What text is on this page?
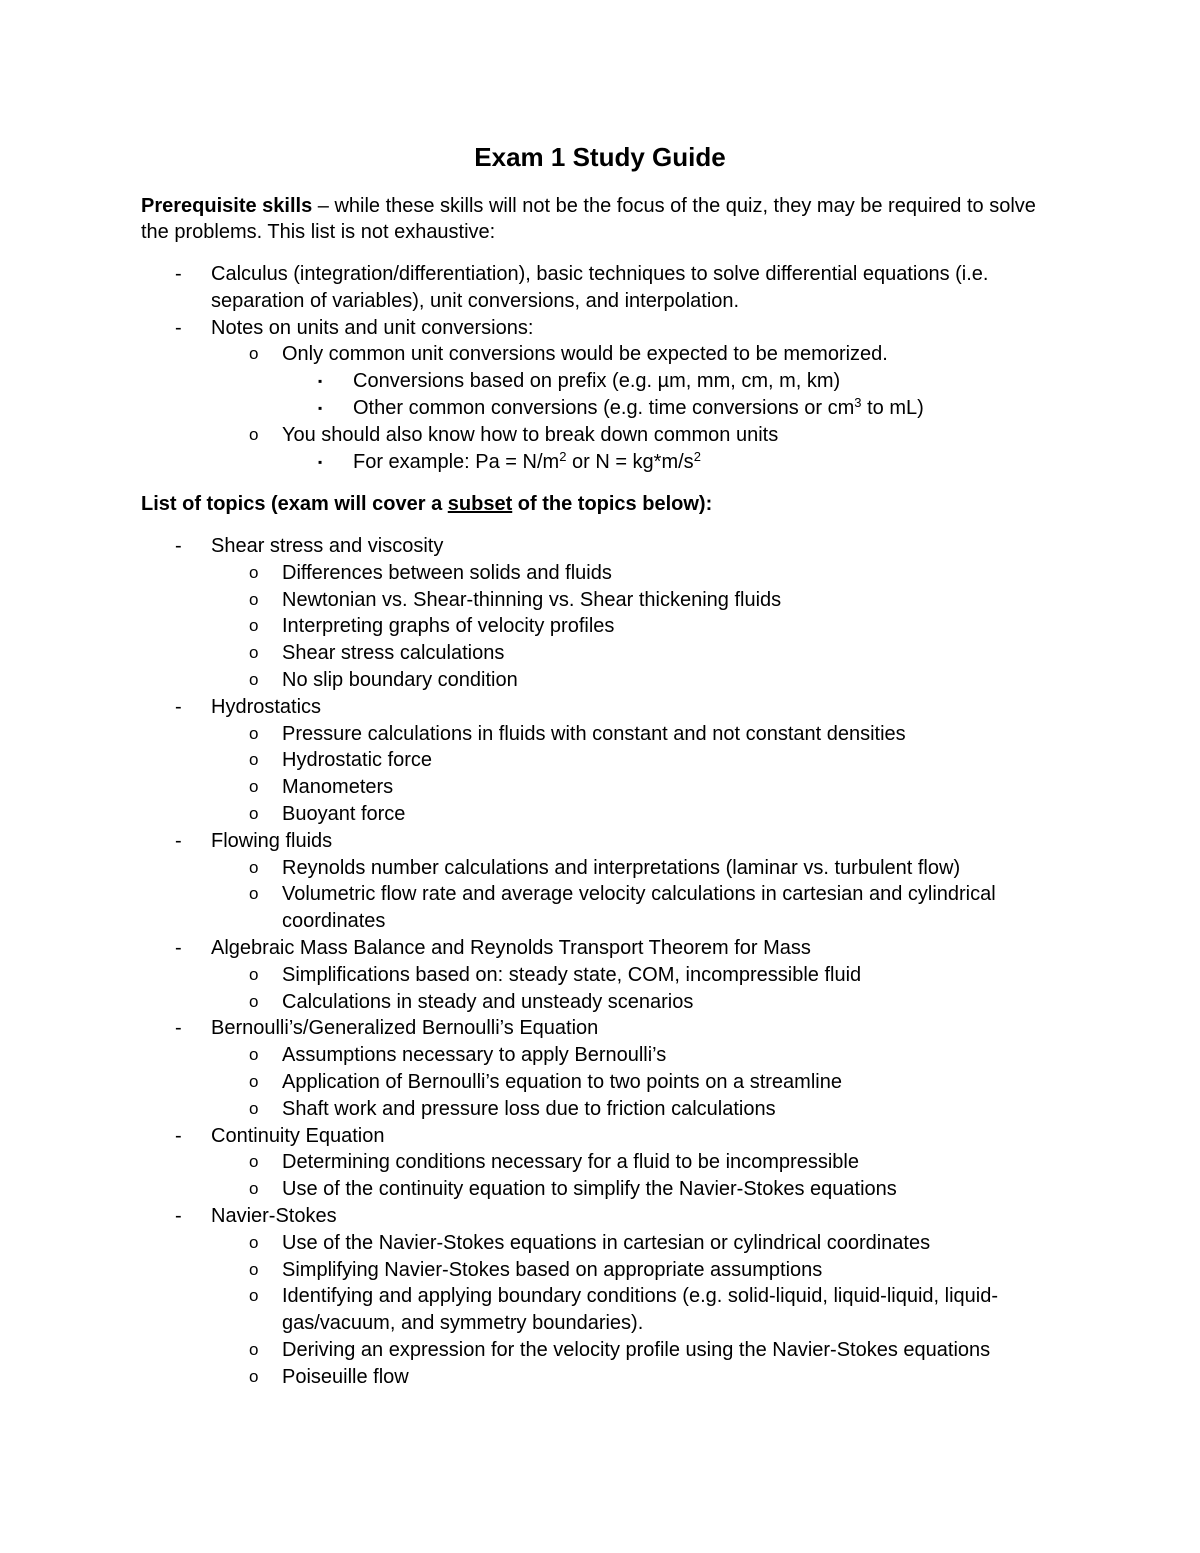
Exam 1 Study Guide

Prerequisite skills – while these skills will not be the focus of the quiz, they may be required to solve the problems. This list is not exhaustive:

- Calculus (integration/differentiation), basic techniques to solve differential equations (i.e. separation of variables), unit conversions, and interpolation.
- Notes on units and unit conversions:
o Only common unit conversions would be expected to be memorized.
▪ Conversions based on prefix (e.g. µm, mm, cm, m, km)
▪ Other common conversions (e.g. time conversions or $cm^3$ to mL)
o You should also know how to break down common units
▪ For example: $Pa = N/m^2$ or $N = kg*m/s^2$

List of topics (exam will cover a subset of the topics below):

- Shear stress and viscosity
o Differences between solids and fluids
o Newtonian vs. Shear-thinning vs. Shear thickening fluids
o Interpreting graphs of velocity profiles
o Shear stress calculations
o No slip boundary condition
- Hydrostatics
o Pressure calculations in fluids with constant and not constant densities
o Hydrostatic force
o Manometers
o Buoyant force
- Flowing fluids
o Reynolds number calculations and interpretations (laminar vs. turbulent flow)
o Volumetric flow rate and average velocity calculations in cartesian and cylindrical coordinates
- Algebraic Mass Balance and Reynolds Transport Theorem for Mass
o Simplifications based on: steady state, COM, incompressible fluid
o Calculations in steady and unsteady scenarios
- Bernoulli’s/Generalized Bernoulli’s Equation
o Assumptions necessary to apply Bernoulli’s
o Application of Bernoulli’s equation to two points on a streamline
o Shaft work and pressure loss due to friction calculations
- Continuity Equation
o Determining conditions necessary for a fluid to be incompressible
o Use of the continuity equation to simplify the Navier-Stokes equations
- Navier-Stokes
o Use of the Navier-Stokes equations in cartesian or cylindrical coordinates
o Simplifying Navier-Stokes based on appropriate assumptions
o Identifying and applying boundary conditions (e.g. solid-liquid, liquid-liquid, liquid-gas/vacuum, and symmetry boundaries).
o Deriving an expression for the velocity profile using the Navier-Stokes equations
o Poiseuille flow
